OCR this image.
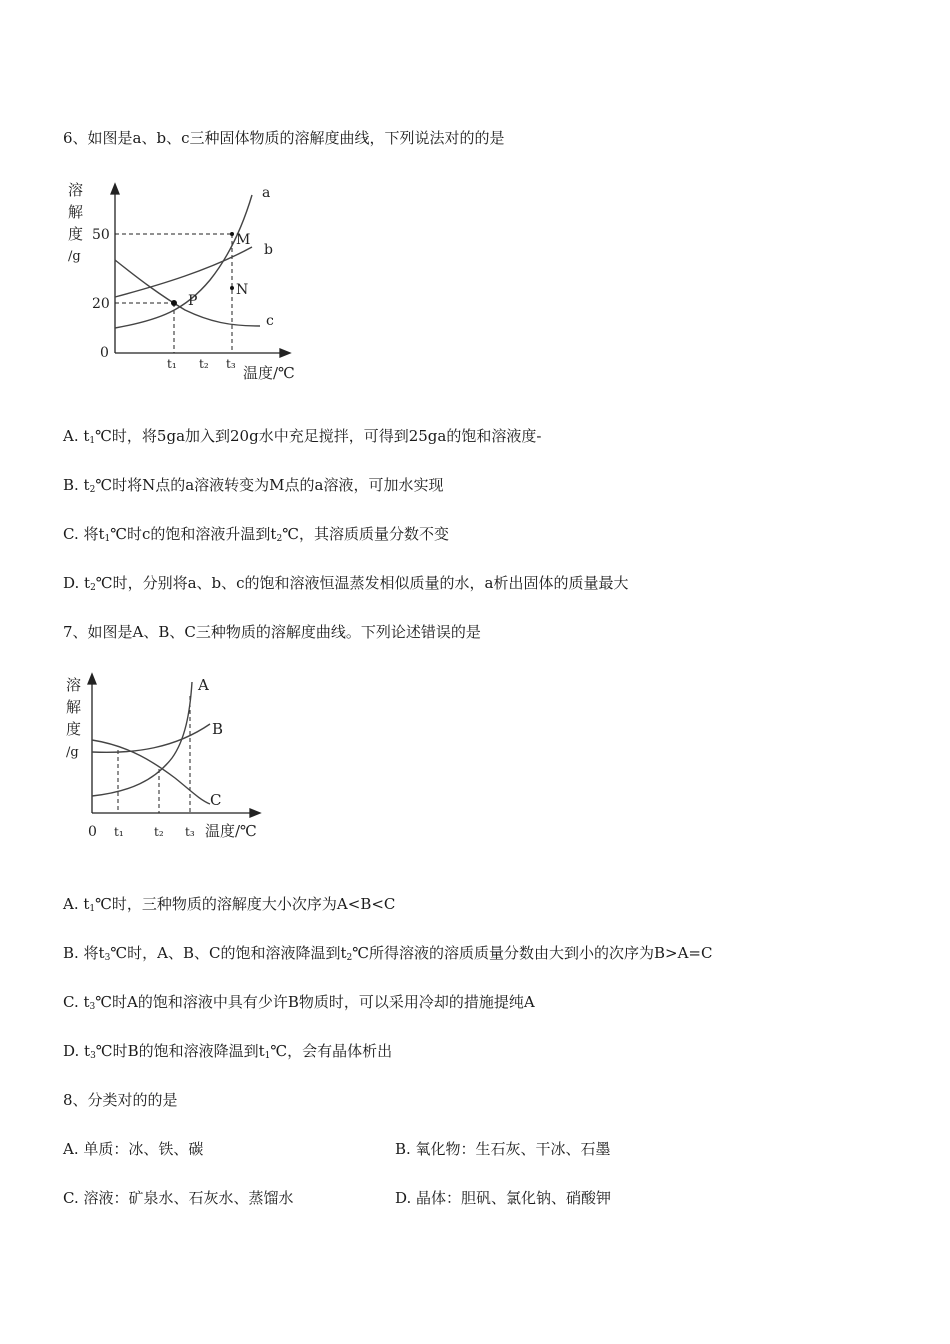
6、如图是a、b、c三种固体物质的溶解度曲线，下列说法对的的是
溶
解
度
/g
50
20
0
t₁ t₂ t₃ 温度/℃
a
b
c
M
N
P
A. $t_1℃$时，将5ga加入到20g水中充足搅拌，可得到25ga的饱和溶液度-
B. $t_2℃$时将N点的a溶液转变为M点的a溶液，可加水实现
C. 将$t_1℃$时c的饱和溶液升温到$t_2℃$，其溶质质量分数不变
D. $t_2℃$时，分别将a、b、c的饱和溶液恒温蒸发相似质量的水，a析出固体的质量最大
7、如图是A、B、C三种物质的溶解度曲线。下列论述错误的是
溶
解
度
/g
0 t₁	t₂ t₃ 温度/℃
A
B
C
A. $t_1℃$时，三种物质的溶解度大小次序为A<B<C
B. 将$t_3℃$时，A、B、C的饱和溶液降温到$t_2℃$所得溶液的溶质质量分数由大到小的次序为B>A=C
C. $t_3℃$时A的饱和溶液中具有少许B物质时，可以采用冷却的措施提纯A
D. $t_3℃$时B的饱和溶液降温到$t_1℃$，会有晶体析出
8、分类对的的是
A. 单质：冰、铁、碳	B. 氧化物：生石灰、干冰、石墨
C. 溶液：矿泉水、石灰水、蒸馏水	D. 晶体：胆矾、氯化钠、硝酸钾
